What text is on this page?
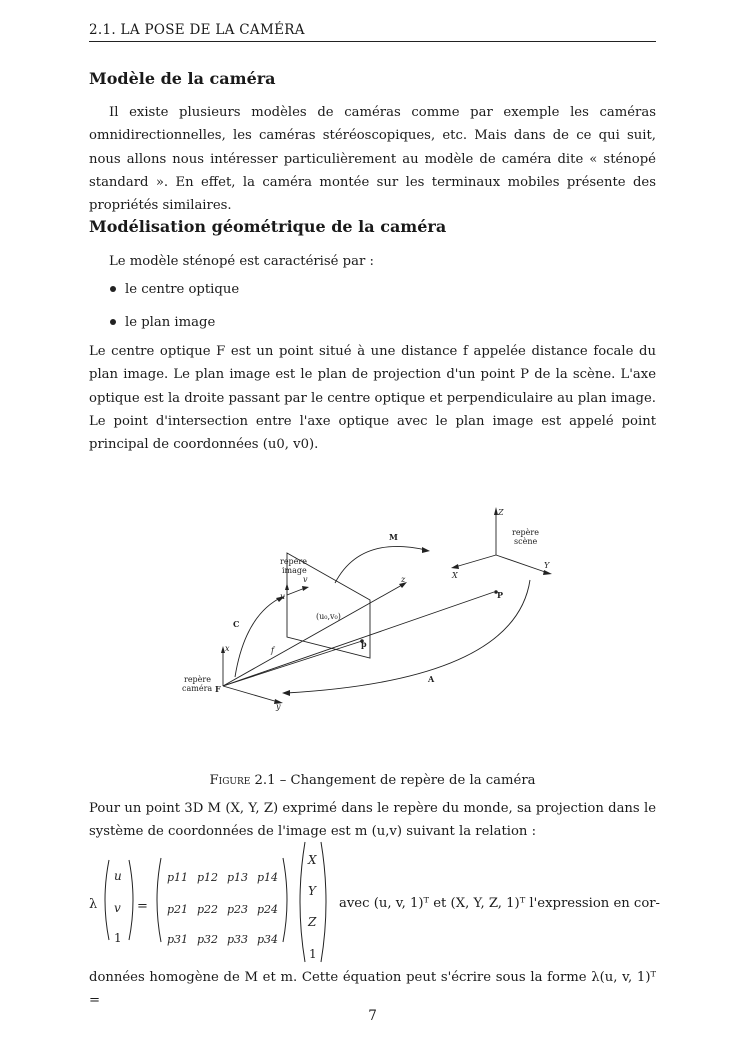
2.1. LA POSE DE LA CAMÉRA
Modèle de la caméra

Il existe plusieurs modèles de caméras comme par exemple les caméras omnidirectionnelles, les caméras stéréoscopiques, etc. Mais dans de ce qui suit, nous allons nous intéresser particulièrement au modèle de caméra dite « sténopé standard ». En effet, la caméra montée sur les terminaux mobiles présente des propriétés similaires.

Modélisation géométrique de la caméra

Le modèle sténopé est caractérisé par :

le centre optique
le plan image

Le centre optique F est un point situé à une distance f appelée distance focale du plan image. Le plan image est le plan de projection d'un point P de la scène. L'axe optique est la droite passant par le centre optique et perpendiculaire au plan image. Le point d'intersection entre l'axe optique avec le plan image est appelé point principal de coordonnées (u0, v0).

Z
repère
scène
M
Y
X
z
P
repère
image
v
u
(u₀,v₀)
p
C
x	f
repère
caméra F
y
A
Figure 2.1 – Changement de repère de la caméra

Pour un point 3D M (X, Y, Z) exprimé dans le repère du monde, sa projection dans le système de coordonnées de l'image est m (u,v) suivant la relation :

λ
u
v
1
=
p11 p12 p13 p14
p21 p22 p23 p24
p31 p32 p33 p34
X
Y
Z
1
avec (u, v, 1)ᵀ et (X, Y, Z, 1)ᵀ l'expression en cor-

données homogène de M et m. Cette équation peut s'écrire sous la forme λ(u, v, 1)ᵀ =

7
